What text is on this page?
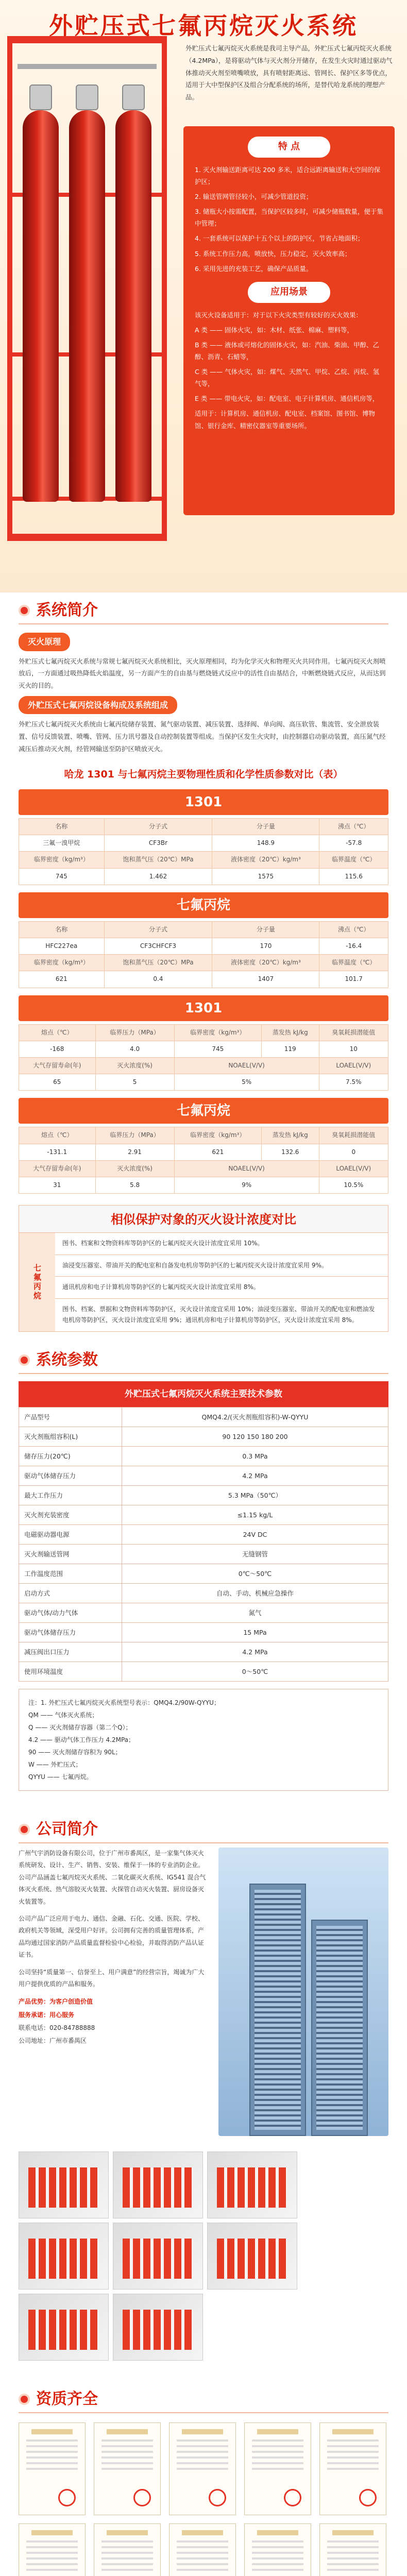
外贮压式七氟丙烷灭火系统

外贮压式七氟丙烷灭火系统是我司主导产品，外贮压式七氟丙烷灭火系统（4.2MPa），是将驱动气体与灭火剂分开储存，在发生火灾时通过驱动气体推动灭火剂至喷嘴喷放，具有喷射距离远、管网长、保护区多等优点，适用于大中型保护区及组合分配系统的场所，是替代哈龙系统的理想产品。

特 点

1. 灭火剂输送距离可达 200 多米，适合远距离输送和大空间的保护区；

2. 输送管网管径较小，可减少管道投资；

3. 储瓶大小按需配置，当保护区较多时，可减少储瓶数量，便于集中管理；

4. 一套系统可以保护十五个以上的防护区，节省占地面积；

5. 系统工作压力高，喷放快，压力稳定，灭火效率高；

6. 采用先进的充装工艺，确保产品质量。

应用场景

该灭火设备适用于：对于以下火灾类型有较好的灭火效果：

A 类 —— 固体火灾，如：木材、纸张、棉麻、塑料等，

B 类 —— 液体或可熔化的固体火灾，如：汽油、柴油、甲醇、乙醇、沥青、石蜡等，

C 类 —— 气体火灾，如：煤气、天然气、甲烷、乙烷、丙烷、氢气等，

E 类 —— 带电火灾，如：配电室、电子计算机房、通信机房等，

适用于：计算机房、通信机房、配电室、档案馆、图书馆、博物馆、银行金库、精密仪器室等重要场所。

系统简介
灭火原理

外贮压式七氟丙烷灭火系统与常规七氟丙烷灭火系统相比，灭火原理相同，均为化学灭火和物理灭火共同作用。七氟丙烷灭火剂喷放后，一方面通过吸热降低火焰温度，另一方面产生的自由基与燃烧链式反应中的活性自由基结合，中断燃烧链式反应，从而达到灭火的目的。

外贮压式七氟丙烷设备构成及系统组成

外贮压式七氟丙烷灭火系统由七氟丙烷储存装置、氮气驱动装置、减压装置、选择阀、单向阀、高压软管、集流管、安全泄放装置、信号反馈装置、喷嘴、管网、压力讯号器及自动控制装置等组成。当保护区发生火灾时，由控制器启动驱动装置，高压氮气经减压后推动灭火剂，经管网输送至防护区喷放灭火。

哈龙 1301 与七氟丙烷主要物理性质和化学性质参数对比（表）
1301
名称	分子式	分子量	沸点（℃）
三氟一溴甲烷	CF3Br	148.9	-57.8
临界密度（kg/m³）	饱和蒸气压（20℃）MPa	液体密度（20℃）kg/m³	临界温度（℃）
745	1.462	1575	115.6
七氟丙烷
名称	分子式	分子量	沸点（℃）
HFC227ea	CF3CHFCF3	170	-16.4
临界密度（kg/m³）	饱和蒸气压（20℃）MPa	液体密度（20℃）kg/m³	临界温度（℃）
621	0.4	1407	101.7
1301
熔点（℃）	临界压力（MPa）	临界密度（kg/m³）	蒸发热 kJ/kg	臭氧耗损潜能值
-168	4.0	745	119	10
大气存留寿命(年)	灭火浓度(%)	NOAEL(V/V)		LOAEL(V/V)
65	5	5%		7.5%
七氟丙烷
熔点（℃）	临界压力（MPa）	临界密度（kg/m³）	蒸发热 kJ/kg	臭氧耗损潜能值
-131.1	2.91	621	132.6	0
大气存留寿命(年)	灭火浓度(%)	NOAEL(V/V)		LOAEL(V/V)
31	5.8	9%		10.5%
相似保护对象的灭火设计浓度对比
七氟丙烷
图书、档案和文物资料库等防护区的七氟丙烷灭火设计浓度宜采用 10%。
油浸变压器室、带油开关的配电室和自备发电机房等防护区的七氟丙烷灭火设计浓度宜采用 9%。
通讯机房和电子计算机房等防护区的七氟丙烷灭火设计浓度宜采用 8%。
图书、档案、票据和文物资料库等防护区，灭火设计浓度宜采用 10%；油浸变压器室、带油开关的配电室和燃油发电机房等防护区，灭火设计浓度宜采用 9%；通讯机房和电子计算机房等防护区，灭火设计浓度宜采用 8%。
系统参数
外贮压式七氟丙烷灭火系统主要技术参数
产品型号	QMQ4.2/(灭火剂瓶组容积)-W-QYYU
灭火剂瓶组容积(L)	90 120 150 180 200
储存压力(20℃)	0.3 MPa
驱动气体储存压力	4.2 MPa
最大工作压力	5.3 MPa（50℃）
灭火剂充装密度	≤1.15 kg/L
电磁驱动器电源	24V DC
灭火剂输送管网	无缝钢管
工作温度范围	0℃～50℃
启动方式	自动、手动、机械应急操作
驱动气体/动力气体	氮气
驱动气体储存压力	15 MPa
减压阀出口压力	4.2 MPa
使用环境温度	0～50℃
注：1. 外贮压式七氟丙烷灭火系统型号表示：QMQ4.2/90W-QYYU；
QM —— 气体灭火系统；
Q —— 灭火剂储存容器（第二个Q）；
4.2 —— 驱动气体工作压力 4.2MPa；
90 —— 灭火剂储存容积为 90L；
W —— 外贮压式；
QYYU —— 七氟丙烷。
公司简介

广州气宇消防设备有限公司，位于广州市番禺区，是一家集气体灭火系统研发、设计、生产、销售、安装、维保于一体的专业消防企业。公司产品涵盖七氟丙烷灭火系统、二氧化碳灭火系统、IG541 混合气体灭火系统、热气溶胶灭火装置、火探管自动灭火装置、厨房设备灭火装置等。

公司产品广泛应用于电力、通信、金融、石化、交通、医院、学校、政府机关等领域，深受用户好评。公司拥有完善的质量管理体系，产品均通过国家消防产品质量监督检验中心检验，并取得消防产品认证证书。

公司坚持“质量第一、信誉至上、用户满意”的经营宗旨，竭诚为广大用户提供优质的产品和服务。

产品优势：为客户创造价值
服务承诺：用心服务
联系电话：020-84788888
公司地址：广州市番禺区
资质齐全
